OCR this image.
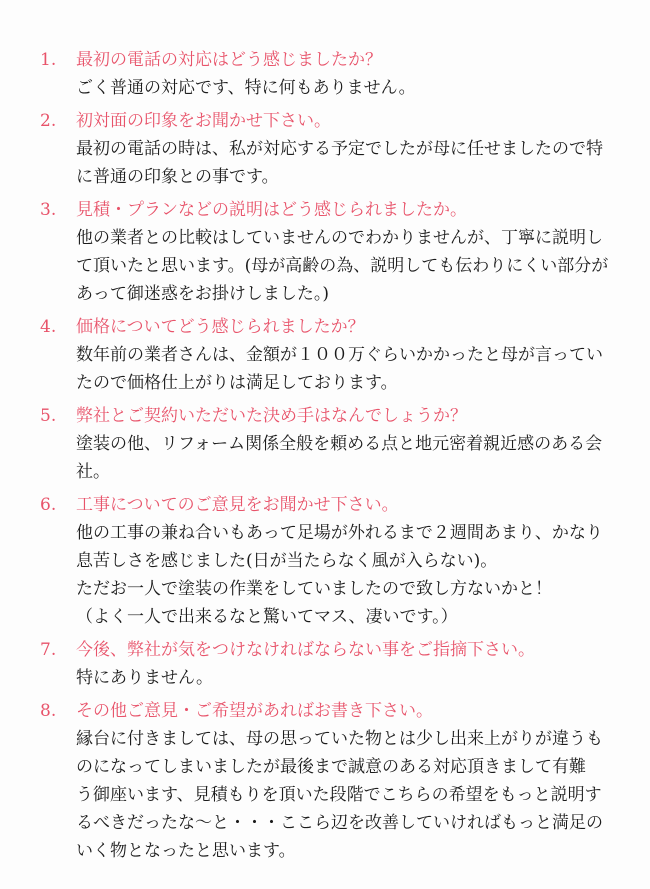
1.	最初の電話の対応はどう感じましたか？
ごく普通の対応です、特に何もありません。
2.	初対面の印象をお聞かせ下さい。
最初の電話の時は、私が対応する予定でしたが母に任せましたので特
に普通の印象との事です。
3.	見積・プランなどの説明はどう感じられましたか。
他の業者との比較はしていませんのでわかりませんが、丁寧に説明し
て頂いたと思います。(母が高齢の為、説明しても伝わりにくい部分が
あって御迷惑をお掛けしました。)
4.	価格についてどう感じられましたか？
数年前の業者さんは、金額が１００万ぐらいかかったと母が言ってい
たので価格仕上がりは満足しております。
5.	弊社とご契約いただいた決め手はなんでしょうか？
塗装の他、リフォーム関係全般を頼める点と地元密着親近感のある会
社。
6.	工事についてのご意見をお聞かせ下さい。
他の工事の兼ね合いもあって足場が外れるまで２週間あまり、かなり
息苦しさを感じました(日が当たらなく風が入らない)。
ただお一人で塗装の作業をしていましたので致し方ないかと！
（よく一人で出来るなと驚いてマス、凄いです。）
7.	今後、弊社が気をつけなければならない事をご指摘下さい。
特にありません。
8.	その他ご意見・ご希望があればお書き下さい。
縁台に付きましては、母の思っていた物とは少し出来上がりが違うも
のになってしまいましたが最後まで誠意のある対応頂きまして有難
う御座います、見積もりを頂いた段階でこちらの希望をもっと説明す
るべきだったな～と・・・ここら辺を改善していければもっと満足の
いく物となったと思います。
